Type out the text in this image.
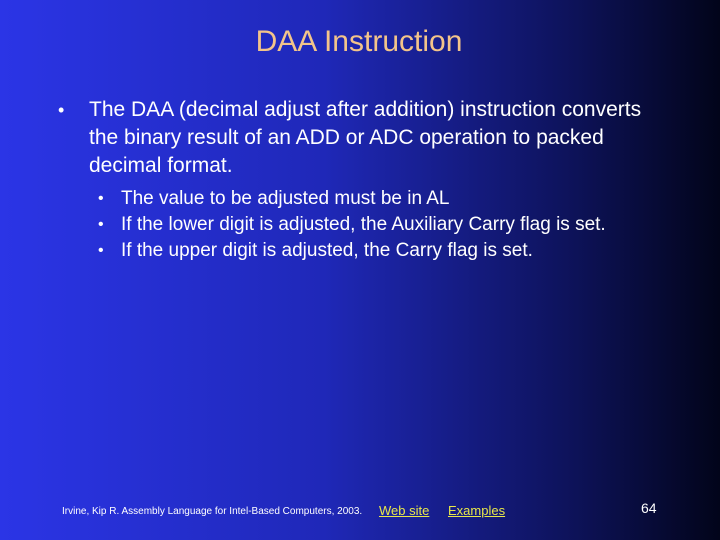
DAA Instruction
• The DAA (decimal adjust after addition) instruction converts the binary result of an ADD or ADC operation to packed decimal format.
• The value to be adjusted must be in AL
• If the lower digit is adjusted, the Auxiliary Carry flag is set.
• If the upper digit is adjusted, the Carry flag is set.
Irvine, Kip R. Assembly Language for Intel-Based Computers, 2003. Web site Examples	64
